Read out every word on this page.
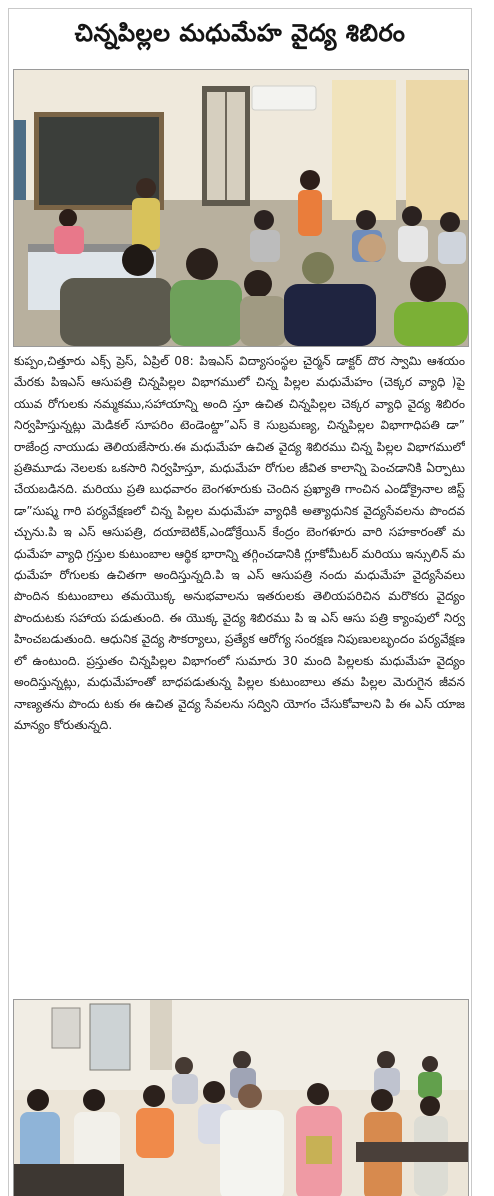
చిన్నపిల్లల మధుమేహ వైద్య శిబిరం
కుప్పం,చిత్తూరు ఎక్స్ ప్రెస్, ఏప్రిల్ 08: పిఇఎస్ విద్యాసంస్థల చైర్మన్ డాక్టర్ దొర స్వామి ఆశయం మేరకు పిఇఎస్ ఆసుపత్రి చిన్నపిల్లల విభాగములో చిన్న పిల్లల మధుమేహం (చెక్కర వ్యాధి )పై యువ రోగులకు నమ్మకము,సహాయాన్ని అంది స్తూ ఉచిత చిన్నపిల్లల చెక్కర వ్యాధి వైద్య శిబిరం నిర్వహిస్తున్నట్లు మెడికల్ సూపరిం టెండెంట్డా”ఎస్ కె సుబ్రమణ్య, చిన్నపిల్లల విభాగాధిపతి డా” రాజేంద్ర నాయుడు తెలియజేసారు.ఈ మధుమేహ ఉచిత వైద్య శిబిరము చిన్న పిల్లల విభాగములో ప్రతిమూడు నెలలకు ఒకసారి నిర్వహిస్తూ, మధుమేహ రోగుల జీవిత కాలాన్ని పెంచడానికి ఏర్పాటు చేయబడినది. మరియు ప్రతి బుధవారం బెంగళూరుకు చెందిన ప్రఖ్యాతి గాంచిన ఎండోక్రైనాల జిస్ట్ డా”సుష్మ గారి పర్యవేక్షణలో చిన్న పిల్లల మధుమేహ వ్యాధికి అత్యాధునిక వైద్యసేవలను పొందవచ్చును.పి ఇ ఎస్ ఆసుపత్రి, దయాబెటిక్,ఎండోక్రేయిన్ కేంద్రం బెంగళూరు వారి సహకారంతో మధుమేహ వ్యాధి గ్రస్తుల కుటుంబాల ఆర్థిక భారాన్ని తగ్గించడానికి గ్లూకోమీటర్ మరియు ఇన్సులిన్ మధుమేహ రోగులకు ఉచితగా అందిస్తున్నది.పి ఇ ఎస్ ఆసుపత్రి నందు మధుమేహ వైద్యసేవలు పొందిన కుటుంబాలు తమయొక్క అనుభవాలను ఇతరులకు తెలియపరిచిన మరొకరు వైద్యం పొందుటకు సహాయ పడుతుంది. ఈ యొక్క వైద్య శిబిరము పి ఇ ఎస్ ఆసు పత్రి క్యాంపులో నిర్వహించబడుతుంది. ఆధునిక వైద్య సౌకర్యాలు, ప్రత్యేక ఆరోగ్య సంరక్షణ నిపుణులబృందం పర్యవేక్షణలో ఉంటుంది. ప్రస్తుతం చిన్నపిల్లల విభాగంలో సుమారు 30 మంది పిల్లలకు మధుమేహ వైద్యం అందిస్తున్నట్లు, మధుమేహంతో బాధపడుతున్న పిల్లల కుటుంబాలు తమ పిల్లల మెరుగైన జీవన నాణ్యతను పొందు టకు ఈ ఉచిత వైద్య సేవలను సద్విని యోగం చేసుకోవాలని పి ఈ ఎస్ యాజ మాన్యం కోరుతున్నది.
